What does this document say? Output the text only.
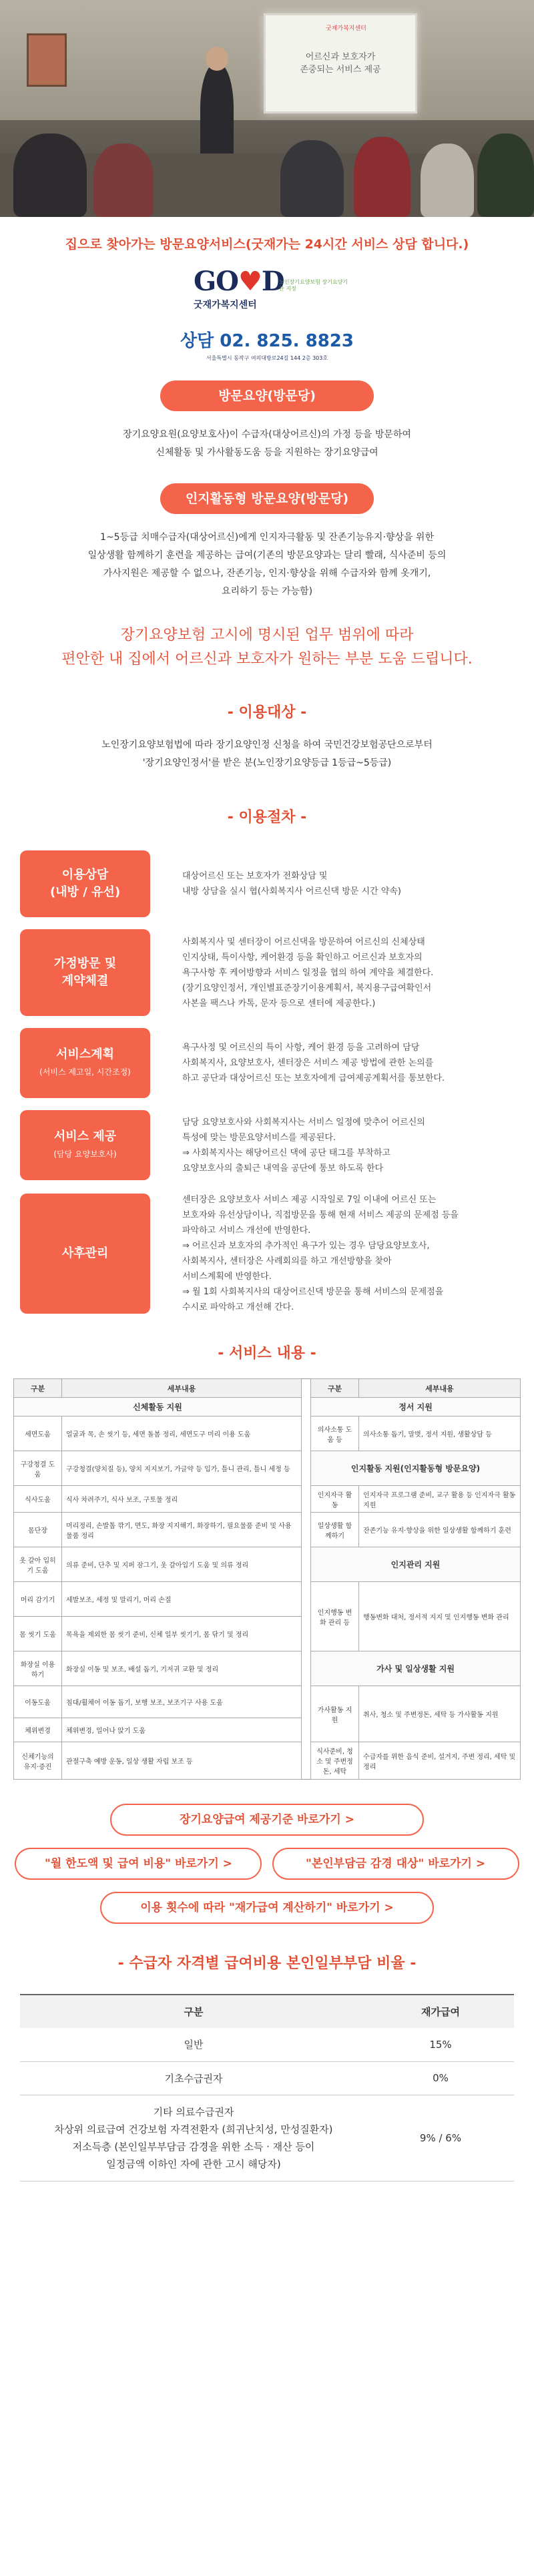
굿재가복지센터
어르신과 보호자가
존중되는 서비스 제공
집으로 찾아가는 방문요양서비스(굿재가는 24시간 서비스 상담 합니다.)
GO♥D
굿재가복지센터
노인장기요양보험 장기요양기관 지정
상담 02. 825. 8823
서울특별시 동작구 여의대방로24길 144 2층 303호
방문요양(방문당)
장기요양요원(요양보호사)이 수급자(대상어르신)의 가정 등을 방문하여
신체활동 및 가사활동도움 등을 지원하는 장기요양급여
인지활동형 방문요양(방문당)
1~5등급 치매수급자(대상어르신)에게 인지자극활동 및 잔존기능유지·향상을 위한
일상생활 함께하기 훈련을 제공하는 급여(기존의 방문요양과는 달리 빨래, 식사준비 등의
가사지원은 제공할 수 없으나, 잔존기능, 인지·향상을 위해 수급자와 함께 옷개기,
요리하기 등는 가능함)
장기요양보험 고시에 명시된 업무 범위에 따라
편안한 내 집에서 어르신과 보호자가 원하는 부분 도움 드립니다.
- 이용대상 -
노인장기요양보험법에 따라 장기요양인정 신청을 하여 국민건강보험공단으로부터
'장기요양인정서'를 받은 분(노인장기요양등급 1등급~5등급)
- 이용절차 -
이용상담
(내방 / 유선)
대상어르신 또는 보호자가 전화상담 및
내방 상담을 실시 협(사회복지사 어르신댁 방문 시간 약속)
가정방문 및
계약체결
사회복지사 및 센터장이 어르신댁을 방문하여 어르신의 신체상태
인지상태, 특이사항, 케어환경 등을 확인하고 어르신과 보호자의
욕구사항 후 케어방향과 서비스 일정을 협의 하여 계약을 체결한다.
(장기요양인정서, 개인별표준장기이용계획서, 복지용구급여확인서
사본을 팩스나 카톡, 문자 등으로 센터에 제공한다.)
서비스계획
(서비스 제고일, 시간조정)
욕구사정 및 어르신의 특이 사항, 케어 환경 등을 고려하여 담당
사회복지사, 요양보호사, 센터장은 서비스 제공 방법에 관한 논의를
하고 공단과 대상어르신 또는 보호자에게 급여제공계획서를 통보한다.
서비스 제공
(담당 요양보호사)
담당 요양보호사와 사회복지사는 서비스 일정에 맞추어 어르신의
특성에 맞는 방문요양서비스를 제공된다.
⇒ 사회복지사는 해당어르신 댁에 공단 태그를 부착하고
요양보호사의 출퇴근 내역을 공단에 통보 하도록 한다
사후관리
센터장은 요양보호사 서비스 제공 시작일로 7일 이내에 어르신 또는
보호자와 유선상담이나, 직접방문을 통해 현재 서비스 제공의 문제점 등을
파악하고 서비스 개선에 반영한다.
⇒ 어르신과 보호자의 추가적인 욕구가 있는 경우 담당요양보호사,
사회복지사, 센터장은 사례회의를 하고 개선방향을 찾아
서비스계획에 반영한다.
⇒ 월 1회 사회복지사의 대상어르신댁 방문을 통해 서비스의 문제점을
수시로 파악하고 개선해 간다.
- 서비스 내용 -
구분	세부내용		구분	세부내용
신체활동 지원			정서 지원	
세면도움	얼굴과 목, 손 씻기 등, 세면 돌봄 정리, 세면도구 미리 이용 도움		의사소통 도움 등	의사소통 돕기, 말벗, 정서 지원, 생활상담 등
구강청결 도움	구강청결(양치질 등), 양치 지지보기, 가글약 등 입가, 틀니 관리, 틀니 세정 등		인지활동 지원(인지활동형 방문요양)	
식사도움	식사 차려주기, 식사 보조, 구토물 정리		인지자극 활동	인지자극 프로그램 준비, 교구 활용 등 인지자극 활동 지원
몸단장	머리정리, 손발톱 깎기, 면도, 화장 지지해기, 화장하기, 필요물품 준비 및 사용물품 정리		일상생활 함께하기	잔존기능 유지·향상을 위한 일상생활 함께하기 훈련
옷 갈아 입히기 도움	의류 준비, 단추 및 지퍼 잠그기, 옷 갈아입기 도움 및 의류 정리		인지관리 지원	
머리 감기기	세발보조, 세정 및 말리기, 머리 손질		인지행동 변화 관리 등	행동변화 대처, 정서적 지지 및 인지행동 변화 관리
몸 씻기 도움	목욕을 제외한 몸 씻기 준비, 신체 일부 씻기기, 몸 닦기 및 정리			
화장실 이용하기	화장실 이동 및 보조, 배설 돕기, 기저귀 교환 및 정리		가사 및 일상생활 지원	
이동도움	침대/휠체어 이동 돕기, 보행 보조, 보조기구 사용 도움		가사활동 지원	취사, 청소 및 주변정돈, 세탁 등 가사활동 지원
체위변경	체위변경, 일어나 앉기 도움			
신체기능의 유지·증진	관절구축 예방 운동, 일상 생활 자립 보조 등		식사준비, 청소 및 주변정돈, 세탁	수급자를 위한 음식 준비, 설거지, 주변 정리, 세탁 및 정리
장기요양급여 제공기준 바로가기 >
"월 한도액 및 급여 비용" 바로가기 >	"본인부담금 감경 대상" 바로가기 >
이용 횟수에 따라 "재가급여 계산하기" 바로가기 >
- 수급자 자격별 급여비용 본인일부부담 비율 -
구분	재가급여
일반	15%
기초수급권자	0%

기타 의료수급권자
차상위 의료급여 건강보험 자격전환자 (희귀난치성, 만성질환자)
저소득층 (본인일부부담금 감경을 위한 소득 · 재산 등이
일정금액 이하인 자에 관한 고시 해당자)	9% / 6%
